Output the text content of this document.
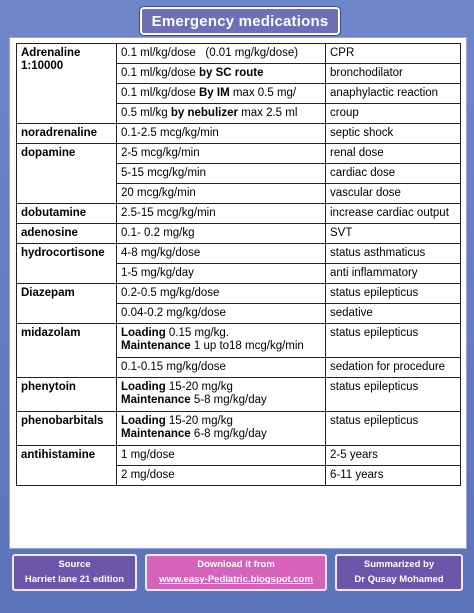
Emergency medications
Adrenaline 1:10000	0.1 ml/kg/dose   (0.01 mg/kg/dose)	CPR
	0.1 ml/kg/dose by SC route	bronchodilator
	0.1 ml/kg/dose By IM max 0.5 mg/	anaphylactic reaction
	0.5 ml/kg by nebulizer max 2.5 ml	croup
noradrenaline	0.1-2.5 mcg/kg/min	septic shock
dopamine	2-5 mcg/kg/min	renal dose
	5-15 mcg/kg/min	cardiac dose
	20 mcg/kg/min	vascular dose
dobutamine	2.5-15 mcg/kg/min	increase cardiac output
adenosine	0.1- 0.2 mg/kg	SVT
hydrocortisone	4-8 mg/kg/dose	status asthmaticus
	1-5 mg/kg/day	anti inflammatory
Diazepam	0.2-0.5 mg/kg/dose	status epilepticus
	0.04-0.2 mg/kg/dose	sedative
midazolam	Loading 0.15 mg/kg.
Maintenance 1 up to18 mcg/kg/min	status epilepticus
	0.1-0.15 mg/kg/dose	sedation for procedure
phenytoin	Loading 15-20 mg/kg
Maintenance 5-8 mg/kg/day	status epilepticus
phenobarbitals	Loading 15-20 mg/kg
Maintenance 6-8 mg/kg/day	status epilepticus
antihistamine	1 mg/dose	2-5 years
	2 mg/dose	6-11 years
Source
Harriet lane 21 edition
Download it from
www.easy-Pediatric.blogspot.com
Summarized by
Dr Qusay Mohamed
